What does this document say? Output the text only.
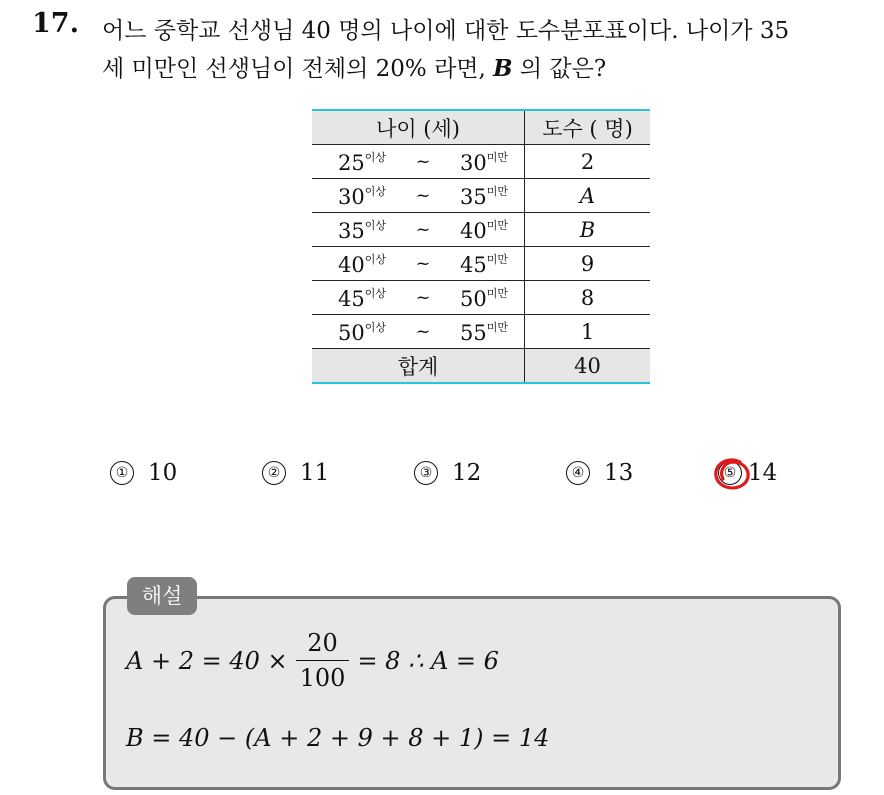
17. 어느 중학교 선생님 40 명의 나이에 대한 도수분포표이다. 나이가 35
세 미만인 선생님이 전체의 20% 라면, B 의 값은?

나이 (세)	도수 ( 명)

$25^{이상}$ ~ $30^{미만}$	2

$30^{이상}$ ~ $35^{미만}$	A

$35^{이상}$ ~ $40^{미만}$	B

$40^{이상}$ ~ $45^{미만}$	9

$45^{이상}$ ~ $50^{미만}$	8

$50^{이상}$ ~ $55^{미만}$	1
합계	40
① 10	② 11	③ 12	④ 13	⑤ 14
$A + 2 = 40 \times \frac{20}{100} = 8$ ∴ A = 6
B = 40 − (A + 2 + 9 + 8 + 1) = 14
해설
